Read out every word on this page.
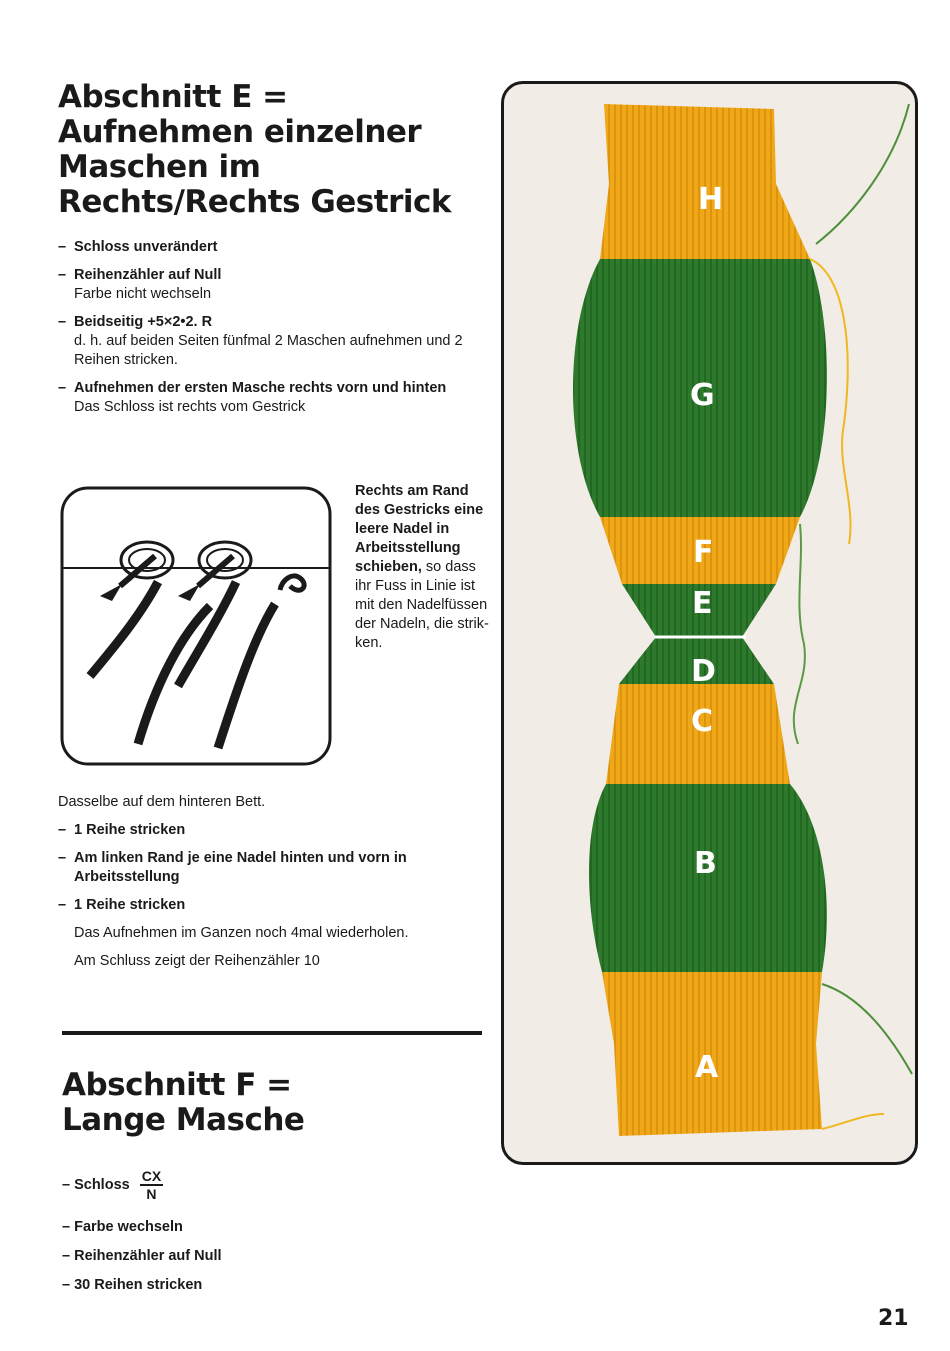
Abschnitt E =
Aufnehmen einzelner
Maschen im
Rechts/Rechts Gestrick
– Schloss unverändert
– Reihenzähler auf Null
Farbe nicht wechseln
– Beidseitig +5×2•2. R
d. h. auf beiden Seiten fünfmal 2 Maschen aufnehmen und 2 Reihen stricken.
– Aufnehmen der ersten Masche rechts vorn und hinten
Das Schloss ist rechts vom Gestrick
Rechts am Rand des Gestricks eine leere Nadel in Arbeitsstellung schieben, so dass ihr Fuss in Linie ist mit den Nadelfüssen der Nadeln, die strikken.
Dasselbe auf dem hinteren Bett.
– 1 Reihe stricken
– Am linken Rand je eine Nadel hinten und vorn in Arbeitsstellung
– 1 Reihe stricken
Das Aufnehmen im Ganzen noch 4mal wiederholen.
Am Schluss zeigt der Reihenzähler 10
Abschnitt F =
Lange Masche
– Schloss $\frac{CX}{N}$
– Farbe wechseln
– Reihenzähler auf Null
– 30 Reihen stricken
H
G
F
E
D
C
B
A
21
